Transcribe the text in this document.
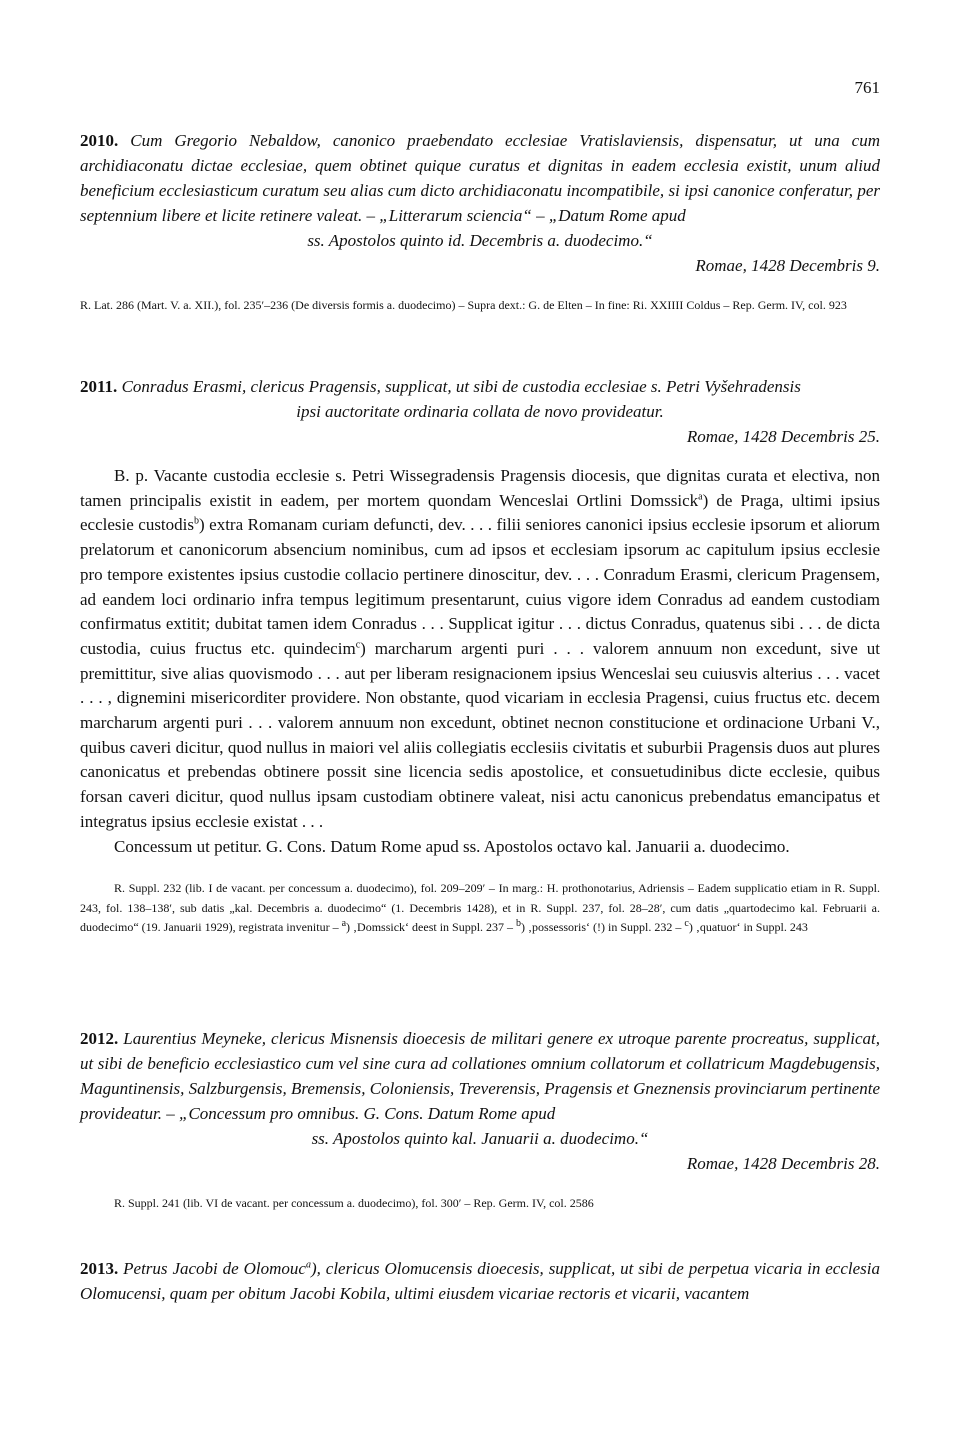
761
2010. Cum Gregorio Nebaldow, canonico praebendato ecclesiae Vratislaviensis, dispensatur, ut una cum archidiaconatu dictae ecclesiae, quem obtinet quique curatus et dignitas in eadem ecclesia existit, unum aliud beneficium ecclesiasticum curatum seu alias cum dicto archidiaconatu incompatibile, si ipsi canonice conferatur, per septennium libere et licite retinere valeat. – „Litterarum sciencia“ – „Datum Rome apud
ss. Apostolos quinto id. Decembris a. duodecimo.“
Romae, 1428 Decembris 9.
R. Lat. 286 (Mart. V. a. XII.), fol. 235′–236 (De diversis formis a. duodecimo) – Supra dext.: G. de Elten – In fine: Ri. XXIIII Coldus – Rep. Germ. IV, col. 923
2011. Conradus Erasmi, clericus Pragensis, supplicat, ut sibi de custodia ecclesiae s. Petri Vyšehradensis
ipsi auctoritate ordinaria collata de novo provideatur.
Romae, 1428 Decembris 25.
B. p. Vacante custodia ecclesie s. Petri Wissegradensis Pragensis diocesis, que dignitas curata et electiva, non tamen principalis existit in eadem, per mortem quondam Wenceslai Ortlini Domssick$^a$) de Praga, ultimi ipsius ecclesie custodis$^b$) extra Romanam curiam defuncti, dev. . . . filii seniores canonici ipsius ecclesie ipsorum et aliorum prelatorum et canonicorum absencium nominibus, cum ad ipsos et ecclesiam ipsorum ac capitulum ipsius ecclesie pro tempore existentes ipsius custodie collacio pertinere dinoscitur, dev. . . . Conradum Erasmi, clericum Pragensem, ad eandem loci ordinario infra tempus legitimum presentarunt, cuius vigore idem Conradus ad eandem custodiam confirmatus extitit; dubitat tamen idem Conradus . . . Supplicat igitur . . . dictus Conradus, quatenus sibi . . . de dicta custodia, cuius fructus etc. quindecim$^c$) marcharum argenti puri . . . valorem annuum non excedunt, sive ut premittitur, sive alias quovismodo . . . aut per liberam resignacionem ipsius Wenceslai seu cuiusvis alterius . . . vacet . . . , dignemini misericorditer providere. Non obstante, quod vicariam in ecclesia Pragensi, cuius fructus etc. decem marcharum argenti puri . . . valorem annuum non excedunt, obtinet necnon constitucione et ordinacione Urbani V., quibus caveri dicitur, quod nullus in maiori vel aliis collegiatis ecclesiis civitatis et suburbii Pragensis duos aut plures canonicatus et prebendas obtinere possit sine licencia sedis apostolice, et consuetudinibus dicte ecclesie, quibus forsan caveri dicitur, quod nullus ipsam custodiam obtinere valeat, nisi actu canonicus prebendatus emancipatus et integratus ipsius ecclesie existat . . .
Concessum ut petitur. G. Cons. Datum Rome apud ss. Apostolos octavo kal. Januarii a. duodecimo.
R. Suppl. 232 (lib. I de vacant. per concessum a. duodecimo), fol. 209–209′ – In marg.: H. prothonotarius, Adriensis – Eadem supplicatio etiam in R. Suppl. 243, fol. 138–138′, sub datis „kal. Decembris a. duodecimo“ (1. Decembris 1428), et in R. Suppl. 237, fol. 28–28′, cum datis „quartodecimo kal. Februarii a. duodecimo“ (19. Januarii 1929), registrata invenitur – $^a$) ‚Domssick‘ deest in Suppl. 237 – $^b$) ‚possessoris‘ (!) in Suppl. 232 – $^c$) ‚quatuor‘ in Suppl. 243
2012. Laurentius Meyneke, clericus Misnensis dioecesis de militari genere ex utroque parente procreatus, supplicat, ut sibi de beneficio ecclesiastico cum vel sine cura ad collationes omnium collatorum et collatricum Magdebugensis, Maguntinensis, Salzburgensis, Bremensis, Coloniensis, Treverensis, Pragensis et Gneznensis provinciarum pertinente provideatur. – „Concessum pro omnibus. G. Cons. Datum Rome apud
ss. Apostolos quinto kal. Januarii a. duodecimo.“
Romae, 1428 Decembris 28.
R. Suppl. 241 (lib. VI de vacant. per concessum a. duodecimo), fol. 300′ – Rep. Germ. IV, col. 2586
2013. Petrus Jacobi de Olomouc$^a$), clericus Olomucensis dioecesis, supplicat, ut sibi de perpetua vicaria in ecclesia Olomucensi, quam per obitum Jacobi Kobila, ultimi eiusdem vicariae rectoris et vicarii, vacantem
